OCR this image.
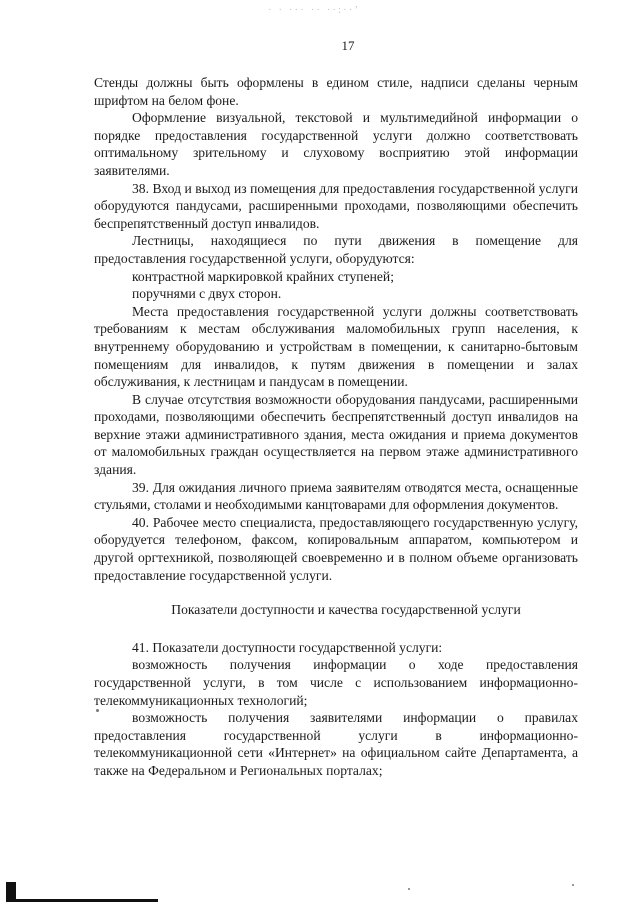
· · ··· ·· ··:··ʼ
17

Стенды должны быть оформлены в едином стиле, надписи сделаны черным шрифтом на белом фоне.

Оформление визуальной, текстовой и мультимедийной информации о порядке предоставления государственной услуги должно соответствовать оптимальному зрительному и слуховому восприятию этой информации заявителями.

38. Вход и выход из помещения для предоставления государственной услуги оборудуются пандусами, расширенными проходами, позволяющими обеспечить беспрепятственный доступ инвалидов.

Лестницы, находящиеся по пути движения в помещение для предоставления государственной услуги, оборудуются:

контрастной маркировкой крайних ступеней;

поручнями с двух сторон.

Места предоставления государственной услуги должны соответствовать требованиям к местам обслуживания маломобильных групп населения, к внутреннему оборудованию и устройствам в помещении, к санитарно-бытовым помещениям для инвалидов, к путям движения в помещении и залах обслуживания, к лестницам и пандусам в помещении.

В случае отсутствия возможности оборудования пандусами, расширенными проходами, позволяющими обеспечить беспрепятственный доступ инвалидов на верхние этажи административного здания, места ожидания и приема документов от маломобильных граждан осуществляется на первом этаже административного здания.

39. Для ожидания личного приема заявителям отводятся места, оснащенные стульями, столами и необходимыми канцтоварами для оформления документов.

40. Рабочее место специалиста, предоставляющего государственную услугу, оборудуется телефоном, факсом, копировальным аппаратом, компьютером и другой оргтехникой, позволяющей своевременно и в полном объеме организовать предоставление государственной услуги.

Показатели доступности и качества государственной услуги

41. Показатели доступности государственной услуги:

возможность получения информации о ходе предоставления государственной услуги, в том числе с использованием информационно-телекоммуникационных технологий;

возможность получения заявителями информации о правилах предоставления государственной услуги в информационно-телекоммуникационной сети «Интернет» на официальном сайте Департамента, а также на Федеральном и Региональных порталах;
